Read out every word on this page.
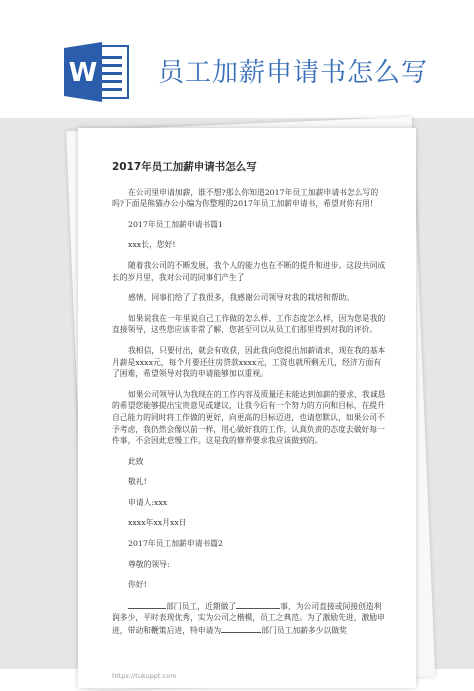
W 员工加薪申请书怎么写
2017年员工加薪申请书怎么写
在公司里申请加薪，谁不想?那么你知道2017年员工加薪申请书怎么写的吗?下面是熊猫办公小编为你整理的2017年员工加薪申请书，希望对你有用!
2017年员工加薪申请书篇1
xxx长，您好!
随着我公司的不断发展，我个人的能力也在不断的提升和进步。这段共同成长的岁月里，我对公司的同事们产生了
感情，同事们给了了我很多，我感谢公司领导对我的栽培和帮助。
如果说我在一年里说自己工作做的怎么样、工作态度怎么样，因为您是我的直接领导，这些您应该非常了解，您甚至可以从员工们那里得到对我的评价。
我相信，只要付出，就会有收获，因此我向您提出加薪请求，现在我的基本月薪是xxxx元，每个月要还住房贷款xxxx元，工资也就所剩无几，经济方面有了困难，希望领导对我的申请能够加以重视。
如果公司领导认为我现在的工作内容及质量还未能达到加薪的要求，我诚恳的希望您能够提出宝贵意见或建议，让我今后有一个努力的方向和目标，在提升自己能力的同时将工作做的更好，向更高的目标迈进，也请您默认，如果公司不予考虑，我仍然会像以前一样，用心做好我的工作，认真负责的态度去做好每一件事，不会因此怠慢工作。这是我的修养要求我应该做到的。
此致
敬礼!
申请人:xxx
xxxx年xx月xx日
2017年员工加薪申请书篇2
尊敬的领导:
你好!
部门员工，近期做了	事，为公司直接或间接创造利润多少，平时表现优秀，实为公司之楷模，员工之典范。为了激励先进，激励申进，带动和鞭策后进，特申请为	部门员工加薪多少以做奖
https://tukuppt.com
